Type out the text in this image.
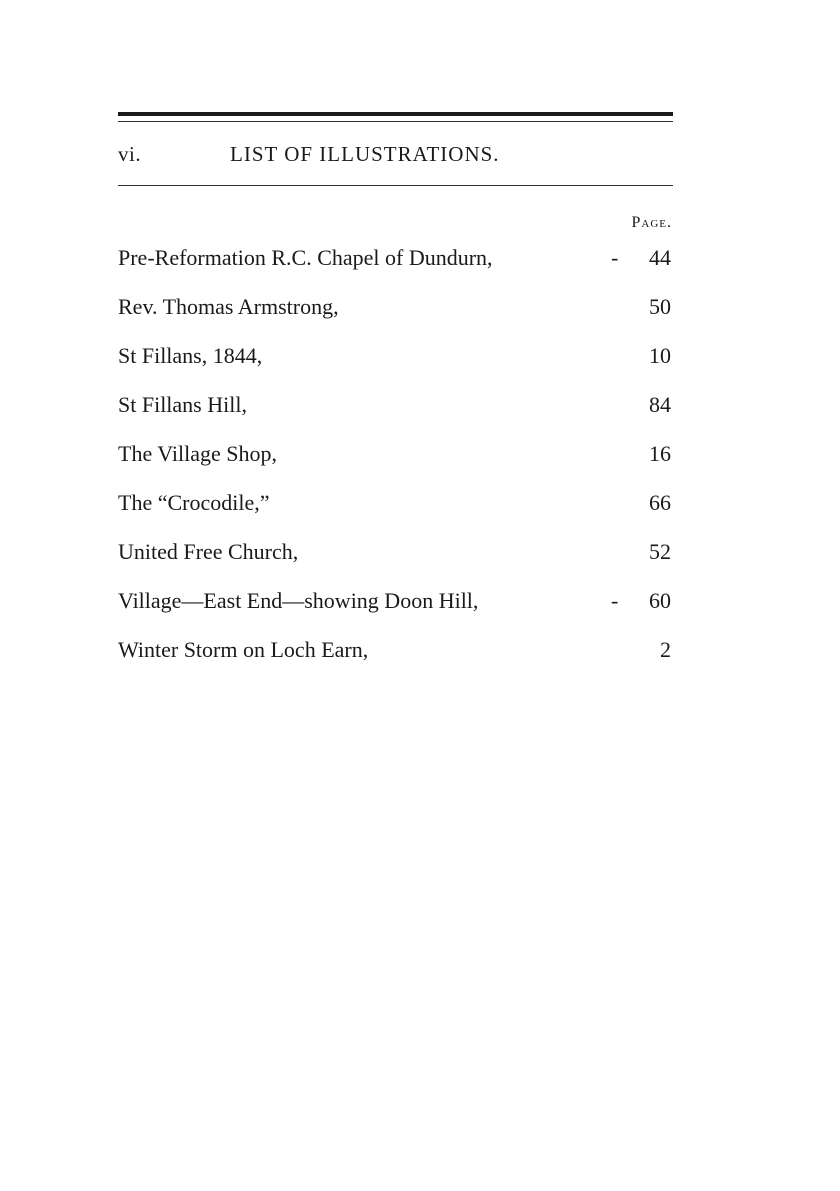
vi.	LIST OF ILLUSTRATIONS.
Page.
Pre-Reformation R.C. Chapel of Dundurn,	- 44
Rev. Thomas Armstrong,	50
St Fillans, 1844,	10
St Fillans Hill,	84
The Village Shop,	16
The “Crocodile,”	66
United Free Church,	52
Village—East End—showing Doon Hill,	- 60
Winter Storm on Loch Earn,	2
